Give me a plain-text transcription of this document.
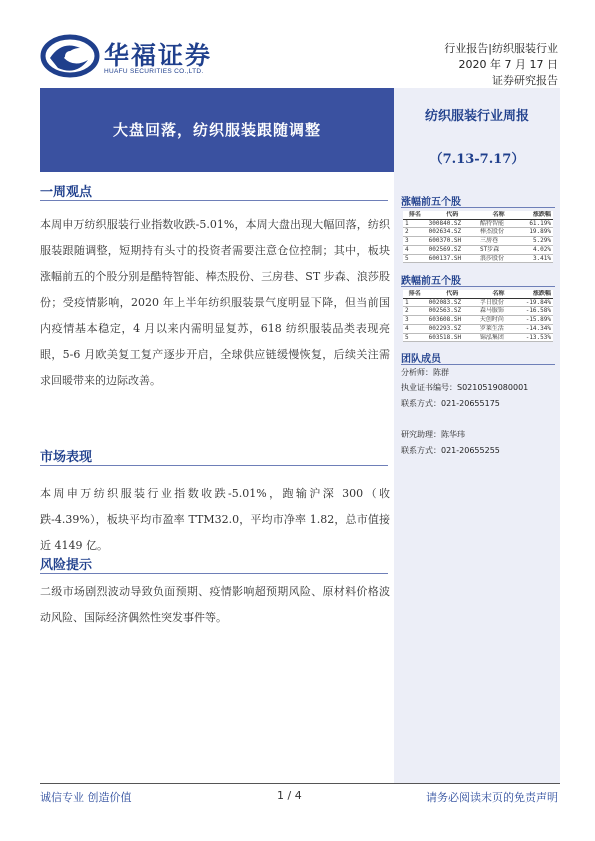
华福证券
HUAFU SECURITIES CO.,LTD.
行业报告|纺织服装行业
2020 年 7 月 17 日
证券研究报告
大盘回落，纺织服装跟随调整
纺织服装行业周报
（7.13-7.17）
一周观点
本周申万纺织服装行业指数收跌-5.01%，本周大盘出现大幅回落，纺织服装跟随调整，短期持有头寸的投资者需要注意仓位控制；其中，板块涨幅前五的个股分别是酷特智能、棒杰股份、三房巷、ST 步森、浪莎股份；受疫情影响，2020 年上半年纺织服装景气度明显下降，但当前国内疫情基本稳定，4 月以来内需明显复苏，618 纺织服装品类表现亮眼，5-6 月欧美复工复产逐步开启，全球供应链缓慢恢复，后续关注需求回暖带来的边际改善。
市场表现
本周申万纺织服装行业指数收跌-5.01%，跑输沪深 300（收跌-4.39%），板块平均市盈率 TTM32.0，平均市净率 1.82，总市值接近 4149 亿。
风险提示
二级市场剧烈波动导致负面预期、疫情影响超预期风险、原材料价格波动风险、国际经济偶然性突发事件等。
涨幅前五个股
排名	代码	名称	涨跌幅
1	300840.SZ	酷特智能	61.19%
2	002634.SZ	棒杰股份	19.89%
3	600370.SH	三房巷	5.29%
4	002569.SZ	ST步森	4.02%
5	600137.SH	浪莎股份	3.41%
跌幅前五个股
排名	代码	名称	涨跌幅
1	002083.SZ	孚日股份	-19.84%
2	002563.SZ	森马服饰	-16.58%
3	603608.SH	天创时尚	-15.89%
4	002293.SZ	罗莱生活	-14.34%
5	603518.SH	锦泓集团	-13.53%
团队成员
分析师：陈群
执业证书编号：S0210519080001
联系方式：021-20655175
研究助理：陈华玮
联系方式：021-20655255
诚信专业 创造价值	1 / 4	请务必阅读末页的免责声明
